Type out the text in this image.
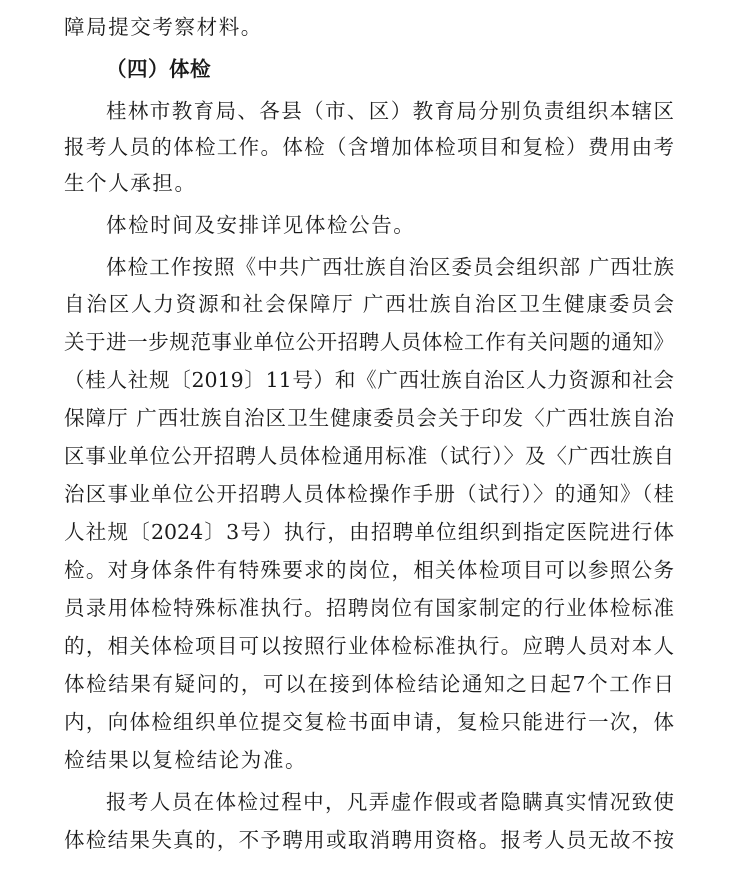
障局提交考察材料。
（四）体检
桂林市教育局、各县（市、区）教育局分别负责组织本辖区
报考人员的体检工作。体检（含增加体检项目和复检）费用由考
生个人承担。
体检时间及安排详见体检公告。
体检工作按照《中共广西壮族自治区委员会组织部 广西壮族
自治区人力资源和社会保障厅 广西壮族自治区卫生健康委员会
关于进一步规范事业单位公开招聘人员体检工作有关问题的通知》
（桂人社规〔2019〕11号）和《广西壮族自治区人力资源和社会
保障厅 广西壮族自治区卫生健康委员会关于印发〈广西壮族自治
区事业单位公开招聘人员体检通用标准（试行）〉及〈广西壮族自
治区事业单位公开招聘人员体检操作手册（试行）〉的通知》（桂
人社规〔2024〕3号）执行，由招聘单位组织到指定医院进行体
检。对身体条件有特殊要求的岗位，相关体检项目可以参照公务
员录用体检特殊标准执行。招聘岗位有国家制定的行业体检标准
的，相关体检项目可以按照行业体检标准执行。应聘人员对本人
体检结果有疑问的，可以在接到体检结论通知之日起7个工作日
内，向体检组织单位提交复检书面申请，复检只能进行一次，体
检结果以复检结论为准。
报考人员在体检过程中，凡弄虚作假或者隐瞒真实情况致使
体检结果失真的，不予聘用或取消聘用资格。报考人员无故不按
